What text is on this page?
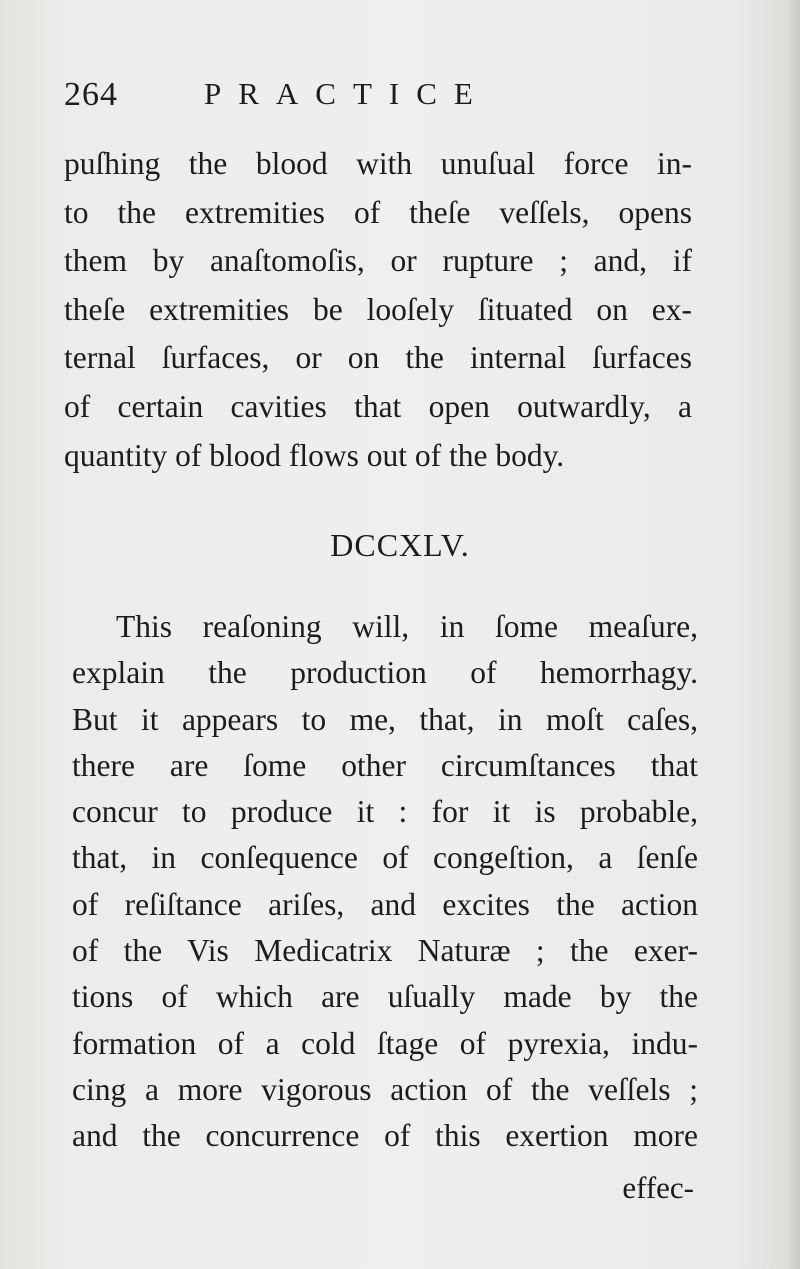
264	PRACTICE
puſhing the blood with unuſual force in-
to the extremities of theſe veſſels, opens
them by anaſtomoſis, or rupture ; and, if
theſe extremities be looſely ſituated on ex-
ternal ſurfaces, or on the internal ſurfaces
of certain cavities that open outwardly, a
quantity of blood flows out of the body.
DCCXLV.
This reaſoning will, in ſome meaſure,
explain the production of hemorrhagy.
But it appears to me, that, in moſt caſes,
there are ſome other circumſtances that
concur to produce it : for it is probable,
that, in conſequence of congeſtion, a ſenſe
of reſiſtance ariſes, and excites the action
of the Vis Medicatrix Naturæ ; the exer-
tions of which are uſually made by the
formation of a cold ſtage of pyrexia, indu-
cing a more vigorous action of the veſſels ;
and the concurrence of this exertion more
effec-
